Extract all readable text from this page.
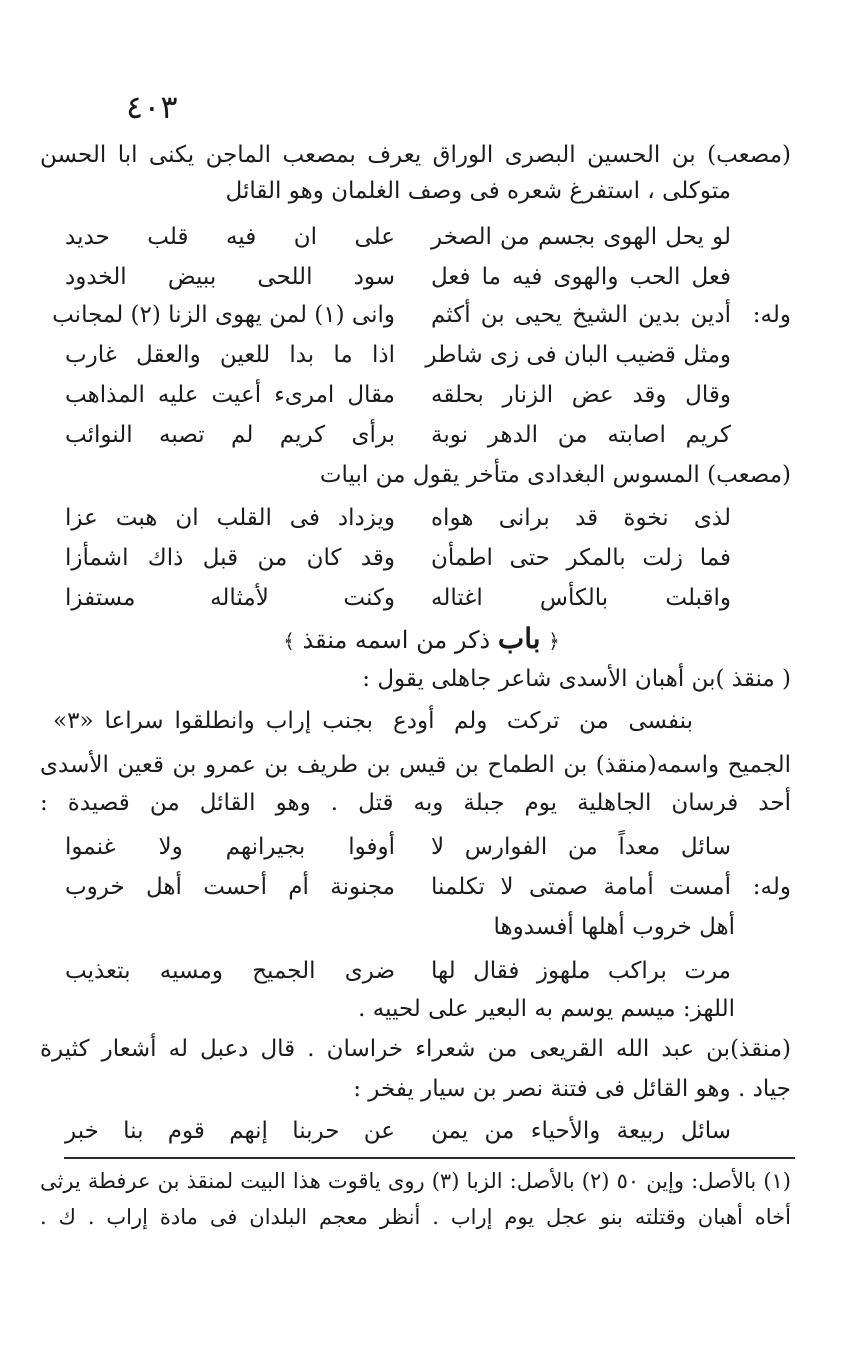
٤٠٣
(مصعب) بن الحسين البصرى الوراق يعرف بمصعب الماجن يكنى ابا الحسن
متوكلى ، استفرغ شعره فى وصف الغلمان وهو القائل
لو يحل الهوى بجسم من الصخر
على ان فيه قلب حديد
فعل الحب والهوى فيه ما فعل
سود اللحى ببيض الخدود
وله:
أدين بدين الشيخ يحيى بن أكثم
وانى (١) لمن يهوى الزنا (٢) لمجانب
ومثل قضيب البان فى زى شاطر
اذا ما بدا للعين والعقل غارب
وقال وقد عض الزنار بحلقه
مقال امرىء أعيت عليه المذاهب
كريم اصابته من الدهر نوبة
برأى كريم لم تصبه النوائب
(مصعب) المسوس البغدادى متأخر يقول من ابيات
لذى نخوة قد برانى هواه
ويزداد فى القلب ان هبت عزا
فما زلت بالمكر حتى اطمأن
وقد كان من قبل ذاك اشمأزا
واقبلت بالكأس اغتاله
وكنت لأمثاله مستفزا
﴿ باب ذكر من اسمه منقذ ﴾
( منقذ )بن أهبان الأسدى شاعر جاهلى يقول :
بنفسى من تركت ولم أودع
بجنب إراب وانطلقوا سراعا «٣»
الجميح واسمه(منقذ) بن الطماح بن قيس بن طريف بن عمرو بن قعين الأسدى
أحد فرسان الجاهلية يوم جبلة وبه قتل . وهو القائل من قصيدة :
سائل معداً من الفوارس لا
أوفوا بجيرانهم ولا غنموا
وله:
أمست أمامة صمتى لا تكلمنا
مجنونة أم أحست أهل خروب
أهل خروب أهلها أفسدوها
مرت براكب ملهوز فقال لها
ضرى الجميح ومسيه بتعذيب
اللهز: ميسم يوسم به البعير على لحييه .
(منقذ)بن عبد الله القريعى من شعراء خراسان . قال دعبل له أشعار كثيرة
جياد . وهو القائل فى فتنة نصر بن سيار يفخر :
سائل ربيعة والأحياء من يمن
عن حربنا إنهم قوم بنا خبر
(١) بالأصل: وإين ٥٠ (٢) بالأصل: الزبا (٣) روى ياقوت هذا البيت لمنقذ بن عرفطة يرثى
أخاه أهبان وقتلته بنو عجل يوم إراب . أنظر معجم البلدان فى مادة إراب . ك .
